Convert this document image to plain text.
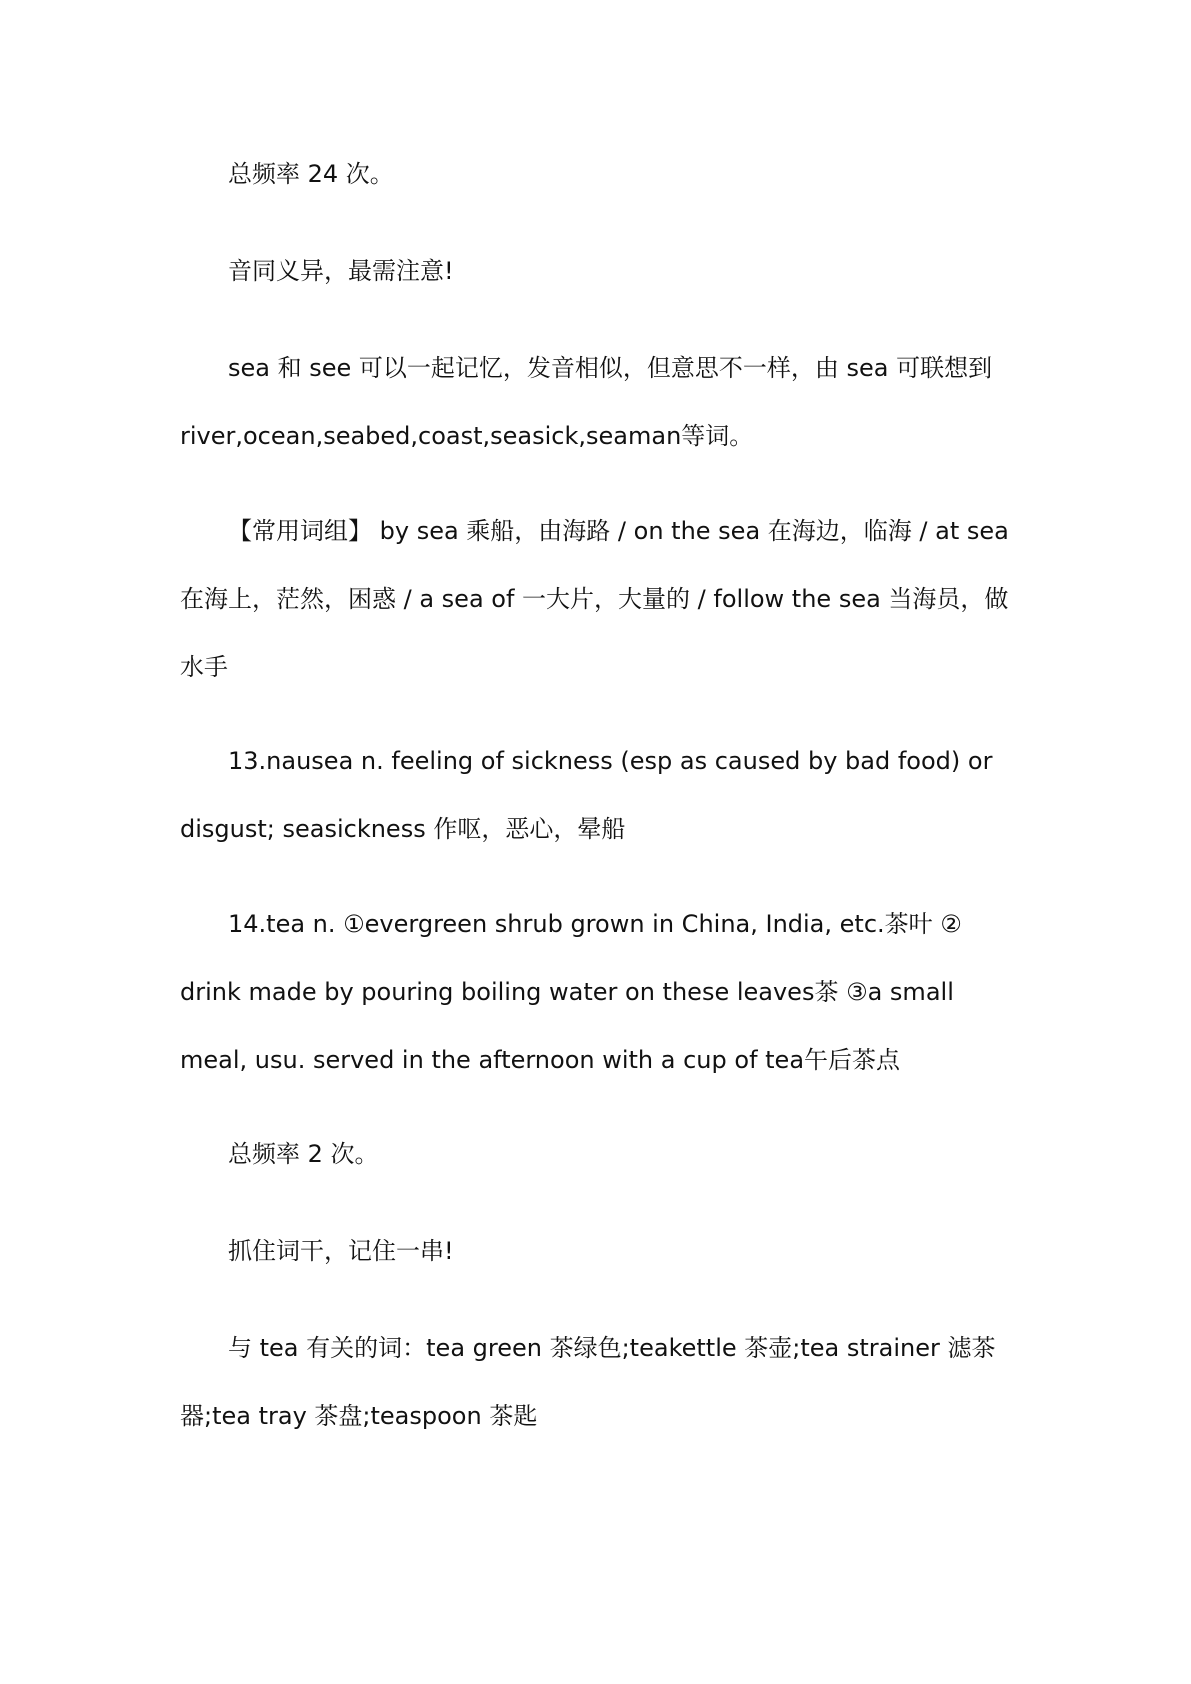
总频率 24 次。

音同义异，最需注意!

sea 和 see 可以一起记忆，发音相似，但意思不一样，由 sea 可联想到 river,ocean,seabed,coast,seasick,seaman等词。

【常用词组】 by sea 乘船，由海路 / on the sea 在海边，临海 / at sea 在海上，茫然，困惑 / a sea of 一大片，大量的 / follow the sea 当海员，做水手

13.nausea n. feeling of sickness (esp as caused by bad food) or disgust; seasickness 作呕，恶心，晕船

14.tea n. ①evergreen shrub grown in China, India, etc.茶叶 ② drink made by pouring boiling water on these leaves茶 ③a small meal, usu. served in the afternoon with a cup of tea午后茶点

总频率 2 次。

抓住词干，记住一串!

与 tea 有关的词：tea green 茶绿色;teakettle 茶壶;tea strainer 滤茶器;tea tray 茶盘;teaspoon 茶匙
